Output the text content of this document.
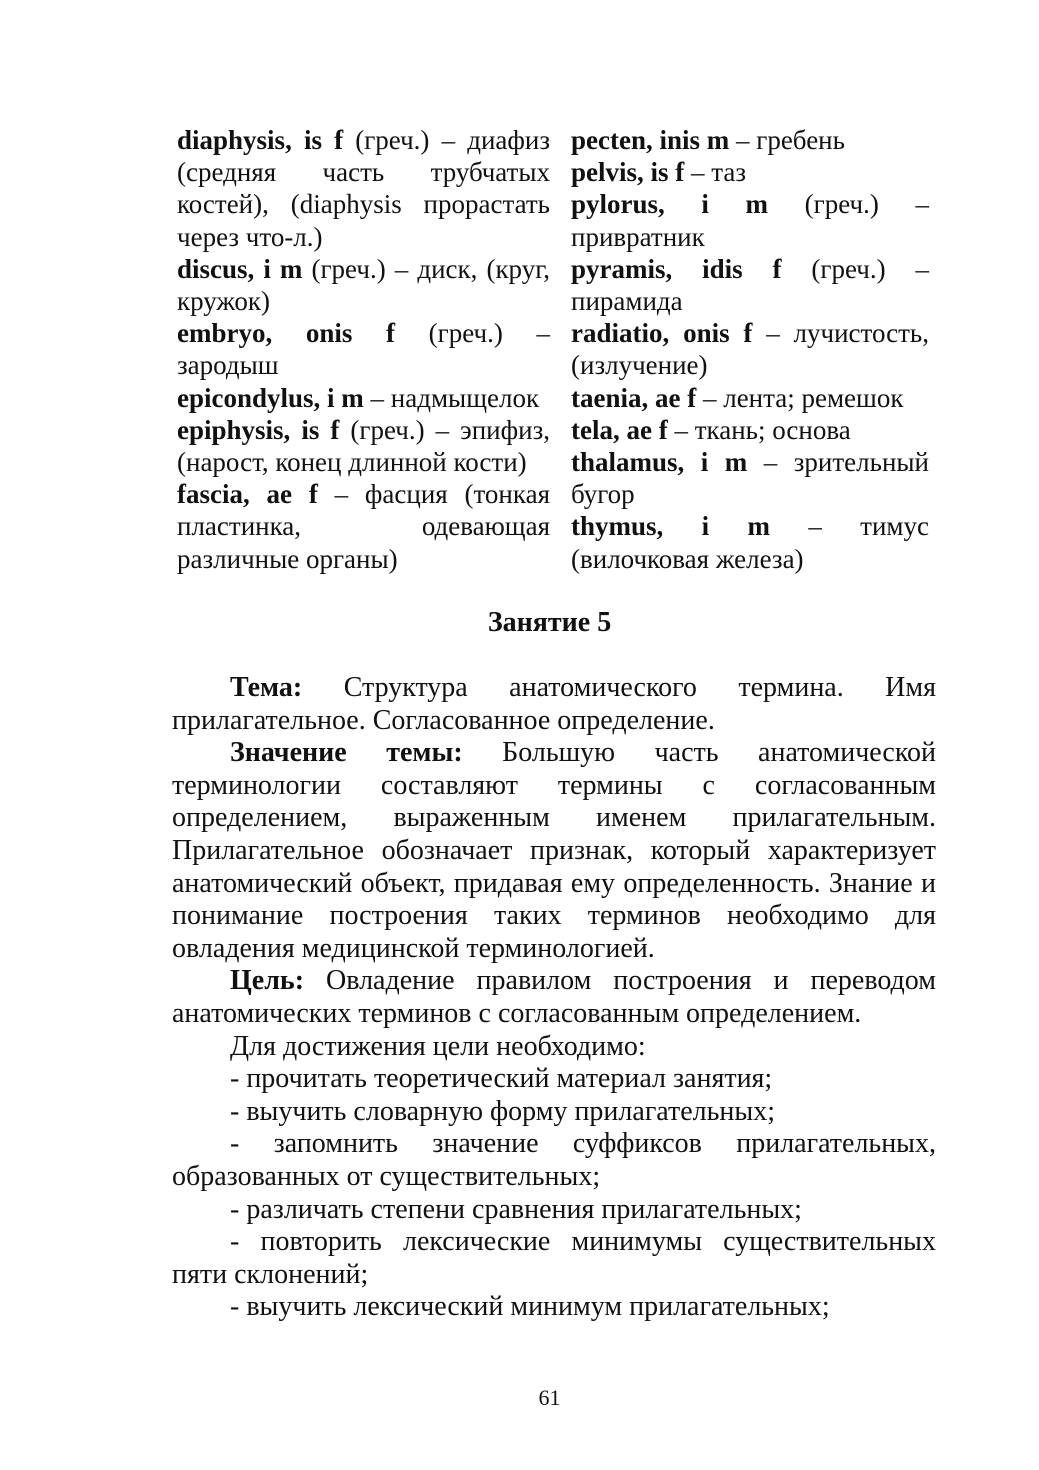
diaphysis, is f (греч.) – диафиз (средняя часть трубчатых костей), (diaphysis прорастать через что-л.)

discus, i m (греч.) – диск, (круг, кружок)

embryo, onis f (греч.) – зародыш

epicondylus, i m – надмыщелок

epiphysis, is f (греч.) – эпифиз, (нарост, конец длинной кости)

fascia, ae f – фасция (тонкая пластинка, одевающая различные органы)

pecten, inis m – гребень

pelvis, is f – таз

pylorus, i m (греч.) – привратник

pyramis, idis f (греч.) – пирамида

radiatio, onis f – лучистость, (излучение)

taenia, ae f – лента; ремешок

tela, ae f – ткань; основа

thalamus, i m – зрительный бугор

thymus, i m – тимус (вилочковая железа)

Занятие 5

Тема: Структура анатомического термина. Имя прилагательное. Согласованное определение.

Значение темы: Большую часть анатомической терминологии составляют термины с согласованным определением, выраженным именем прилагательным. Прилагательное обозначает признак, который характеризует анатомический объект, придавая ему определенность. Знание и понимание построения таких терминов необходимо для овладения медицинской терминологией.

Цель: Овладение правилом построения и переводом анатомических терминов с согласованным определением.

Для достижения цели необходимо:

- прочитать теоретический материал занятия;

- выучить словарную форму прилагательных;

- запомнить значение суффиксов прилагательных, образованных от существительных;

- различать степени сравнения прилагательных;

- повторить лексические минимумы существительных пяти склонений;

- выучить лексический минимум прилагательных;

61
